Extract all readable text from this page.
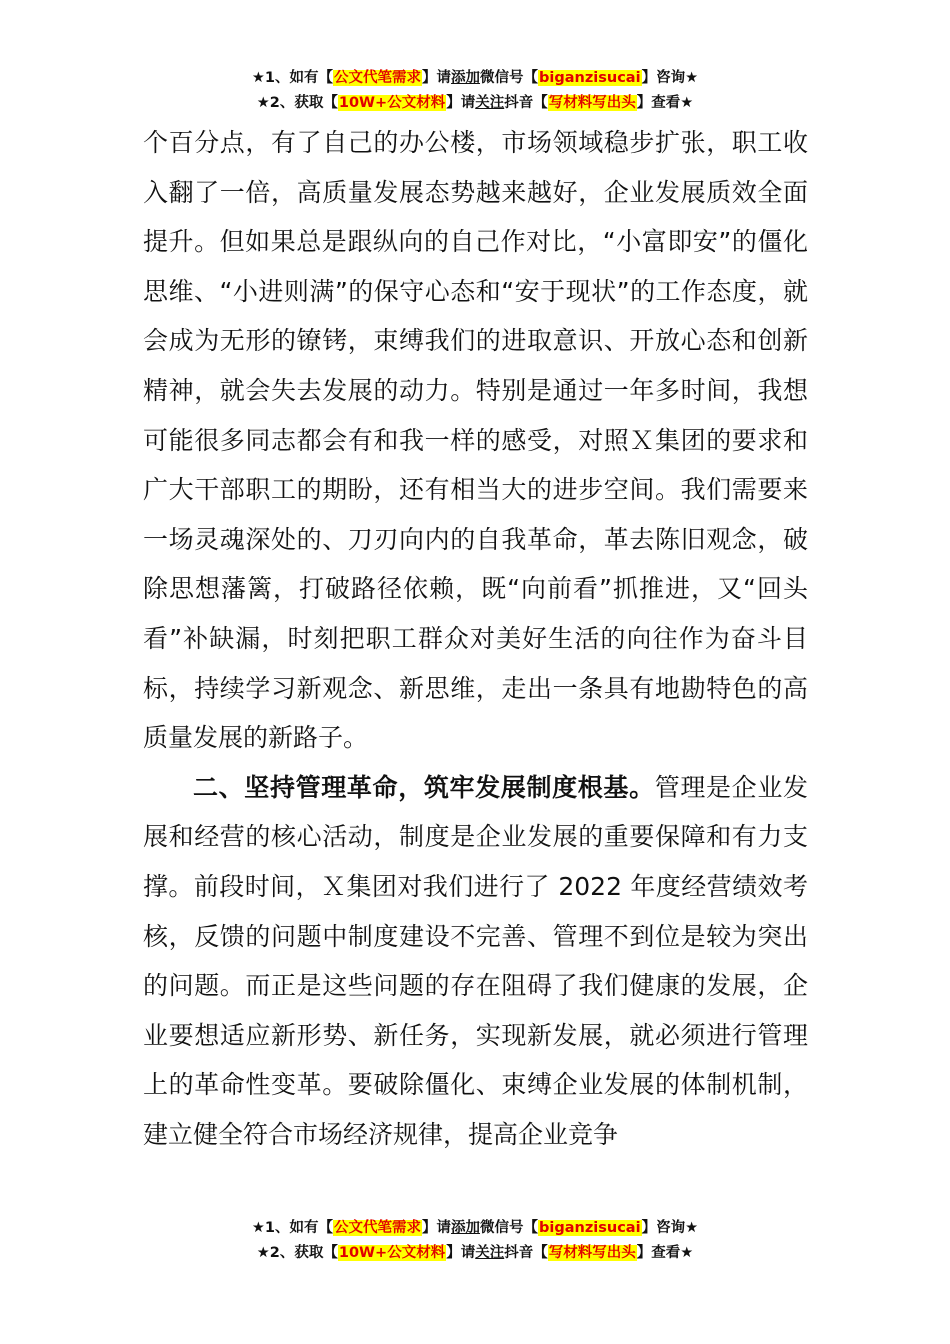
★1、如有【公文代笔需求】请添加微信号【biganzisucai】咨询★
★2、获取【10W+公文材料】请关注抖音【写材料写出头】查看★

个百分点，有了自己的办公楼，市场领域稳步扩张，职工收入翻了一倍，高质量发展态势越来越好，企业发展质效全面提升。但如果总是跟纵向的自己作对比，“小富即安”的僵化思维、“小进则满”的保守心态和“安于现状”的工作态度，就会成为无形的镣铐，束缚我们的进取意识、开放心态和创新精神，就会失去发展的动力。特别是通过一年多时间，我想可能很多同志都会有和我一样的感受，对照Ｘ集团的要求和广大干部职工的期盼，还有相当大的进步空间。我们需要来一场灵魂深处的、刀刃向内的自我革命，革去陈旧观念，破除思想藩篱，打破路径依赖，既“向前看”抓推进，又“回头看”补缺漏，时刻把职工群众对美好生活的向往作为奋斗目标，持续学习新观念、新思维，走出一条具有地勘特色的高质量发展的新路子。

二、坚持管理革命，筑牢发展制度根基。管理是企业发展和经营的核心活动，制度是企业发展的重要保障和有力支撑。前段时间，Ｘ集团对我们进行了 2022 年度经营绩效考核，反馈的问题中制度建设不完善、管理不到位是较为突出的问题。而正是这些问题的存在阻碍了我们健康的发展，企业要想适应新形势、新任务，实现新发展，就必须进行管理上的革命性变革。要破除僵化、束缚企业发展的体制机制，建立健全符合市场经济规律，提高企业竞争

★1、如有【公文代笔需求】请添加微信号【biganzisucai】咨询★
★2、获取【10W+公文材料】请关注抖音【写材料写出头】查看★
